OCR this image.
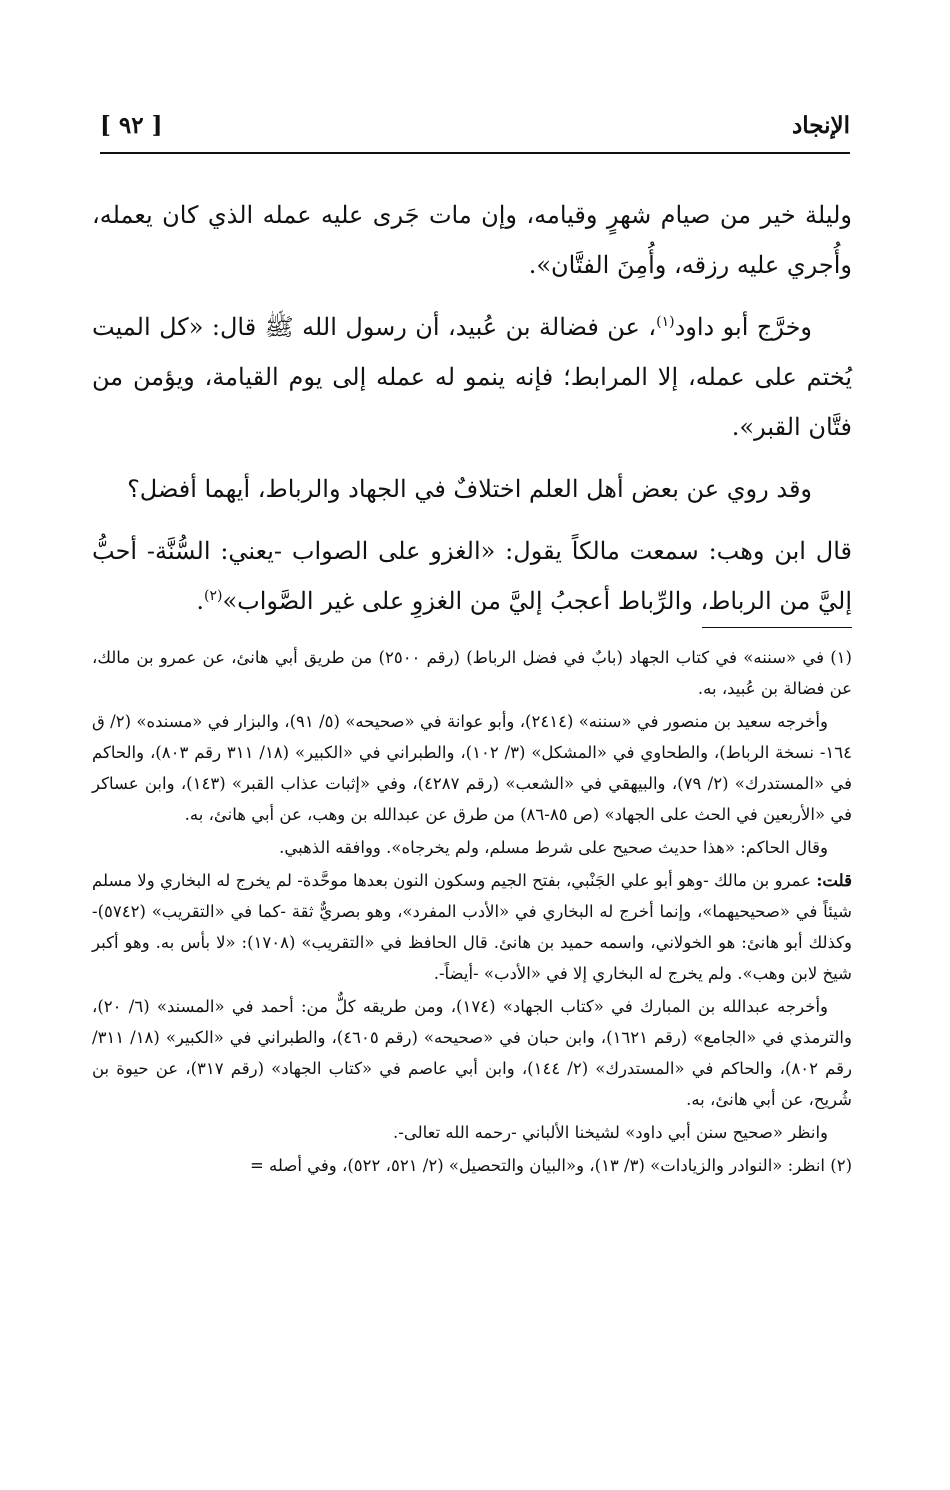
الإنجاد
[ ٩٢ ]

وليلة خير من صيام شهرٍ وقيامه، وإن مات جَرى عليه عمله الذي كان يعمله، وأُجري عليه رزقه، وأُمِنَ الفتَّان».

وخرَّج أبو داود$^{(١)}$، عن فضالة بن عُبيد، أن رسول الله ﷺ قال: «كل الميت يُختم على عمله، إلا المرابط؛ فإنه ينمو له عمله إلى يوم القيامة، ويؤمن من فتَّان القبر».

وقد روي عن بعض أهل العلم اختلافٌ في الجهاد والرباط، أيهما أفضل؟

قال ابن وهب: سمعت مالكاً يقول: «الغزو على الصواب -يعني: السُّنَّة- أحبُّ إليَّ من الرباط، والرِّباط أعجبُ إليَّ من الغزوِ على غير الصَّواب»$^{(٢)}$.

(١) في «سننه» في كتاب الجهاد (بابٌ في فضل الرباط) (رقم ٢٥٠٠) من طريق أبي هانئ، عن عمرو بن مالك، عن فضالة بن عُبيد، به.

وأخرجه سعيد بن منصور في «سننه» (٢٤١٤)، وأبو عوانة في «صحيحه» (٥/ ٩١)، والبزار في «مسنده» (٢/ ق ١٦٤- نسخة الرباط)، والطحاوي في «المشكل» (٣/ ١٠٢)، والطبراني في «الكبير» (١٨/ ٣١١ رقم ٨٠٣)، والحاكم في «المستدرك» (٢/ ٧٩)، والبيهقي في «الشعب» (رقم ٤٢٨٧)، وفي «إثبات عذاب القبر» (١٤٣)، وابن عساكر في «الأربعين في الحث على الجهاد» (ص ٨٥-٨٦) من طرق عن عبدالله بن وهب، عن أبي هانئ، به.

وقال الحاكم: «هذا حديث صحيح على شرط مسلم، ولم يخرجاه». ووافقه الذهبي.

قلت: عمرو بن مالك -وهو أبو علي الجَنْبي، بفتح الجيم وسكون النون بعدها موحَّدة- لم يخرج له البخاري ولا مسلم شيئاً في «صحيحيهما»، وإنما أخرج له البخاري في «الأدب المفرد»، وهو بصريٌّ ثقة -كما في «التقريب» (٥٧٤٢)- وكذلك أبو هانئ: هو الخولاني، واسمه حميد بن هانئ. قال الحافظ في «التقريب» (١٧٠٨): «لا بأس به. وهو أكبر شيخ لابن وهب». ولم يخرج له البخاري إلا في «الأدب» -أيضاً-.

وأخرجه عبدالله بن المبارك في «كتاب الجهاد» (١٧٤)، ومن طريقه كلٌّ من: أحمد في «المسند» (٦/ ٢٠)، والترمذي في «الجامع» (رقم ١٦٢١)، وابن حبان في «صحيحه» (رقم ٤٦٠٥)، والطبراني في «الكبير» (١٨/ ٣١١/ رقم ٨٠٢)، والحاكم في «المستدرك» (٢/ ١٤٤)، وابن أبي عاصم في «كتاب الجهاد» (رقم ٣١٧)، عن حيوة بن شُريح، عن أبي هانئ، به.

وانظر «صحيح سنن أبي داود» لشيخنا الألباني -رحمه الله تعالى-.

(٢) انظر: «النوادر والزيادات» (٣/ ١٣)، و«البيان والتحصيل» (٢/ ٥٢١، ٥٢٢)، وفي أصله =
